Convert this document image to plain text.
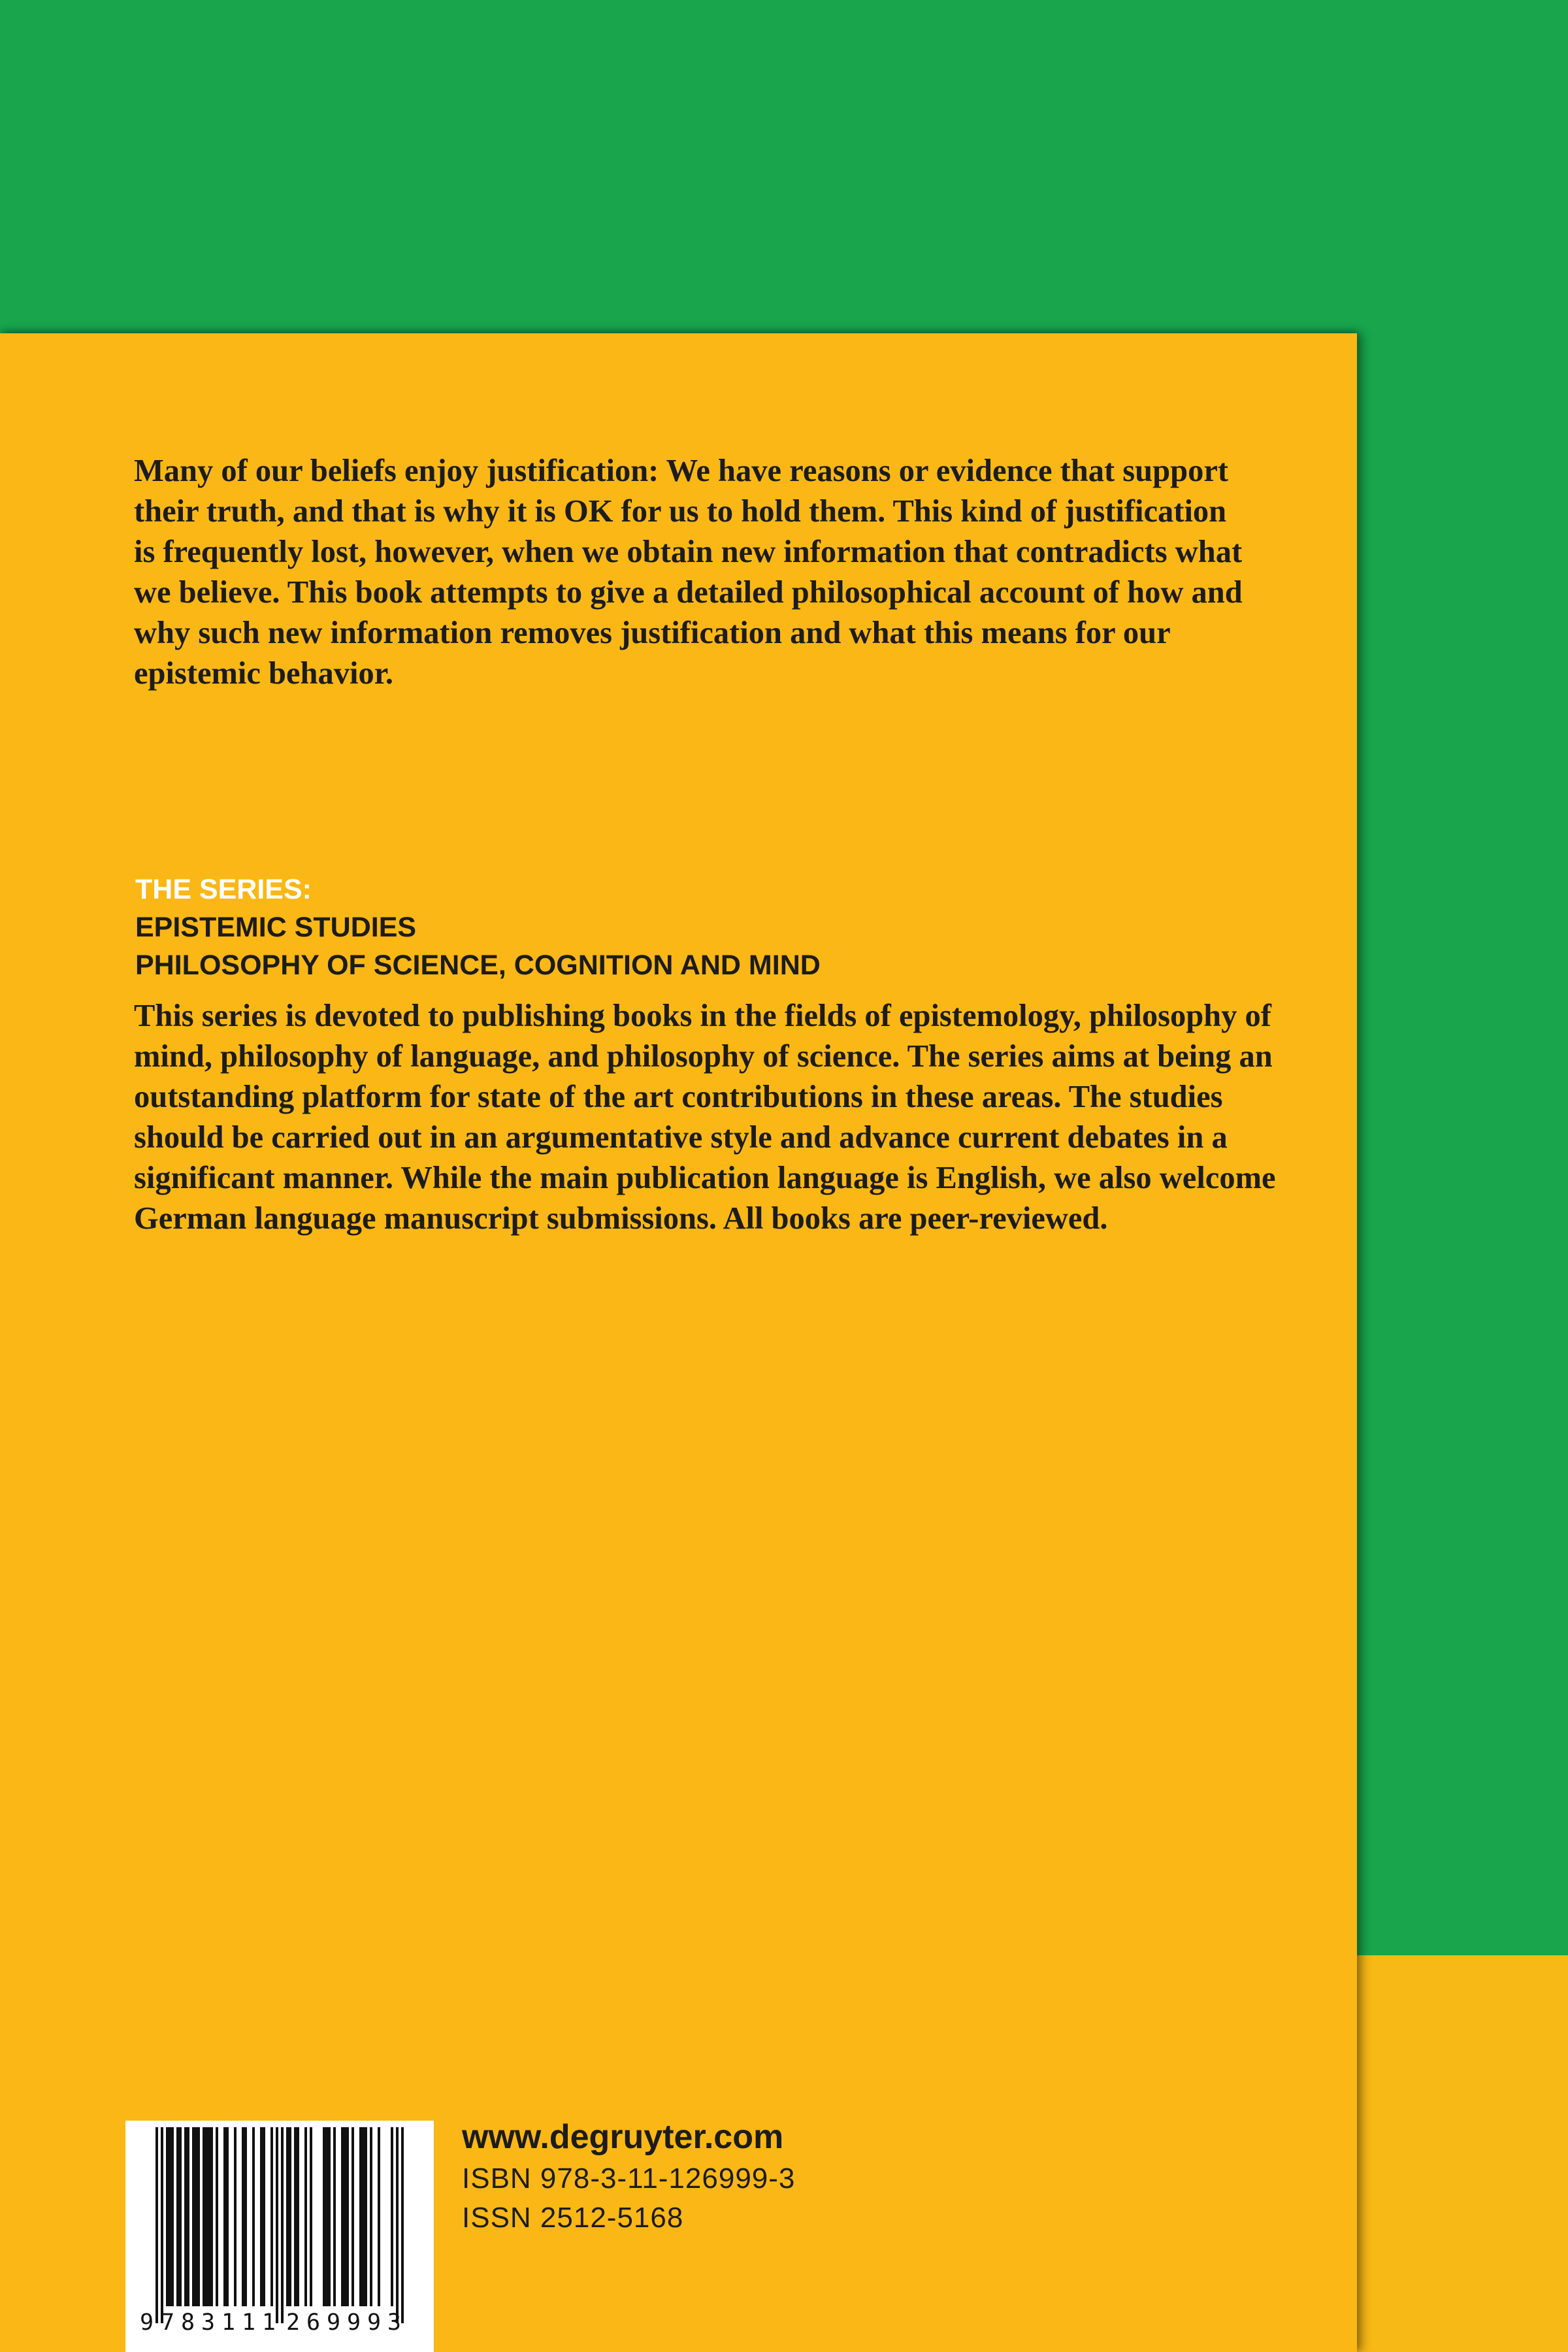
Many of our beliefs enjoy justification: We have reasons or evidence that support their truth, and that is why it is OK for us to hold them. This kind of justification is frequently lost, however, when we obtain new information that contradicts what we believe. This book attempts to give a detailed philosophical account of how and why such new information removes justification and what this means for our epistemic behavior.

THE SERIES:
EPISTEMIC STUDIES
PHILOSOPHY OF SCIENCE, COGNITION AND MIND

This series is devoted to publishing books in the fields of epistemology, philosophy of mind, philosophy of language, and philosophy of science. The series aims at being an outstanding platform for state of the art contributions in these areas. The studies should be carried out in an argumentative style and advance current debates in a significant manner. While the main publication language is English, we also welcome German language manuscript submissions. All books are peer-reviewed.

9 783111 269993
www.degruyter.com
ISBN 978-3-11-126999-3
ISSN 2512-5168
